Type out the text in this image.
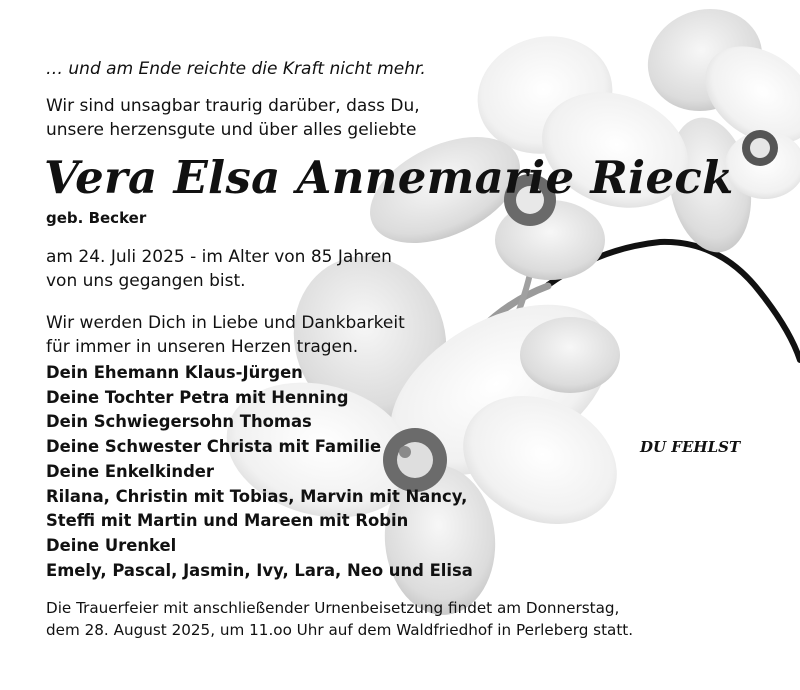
… und am Ende reichte die Kraft nicht mehr.

Wir sind unsagbar traurig darüber, dass Du,
unsere herzensgute und über alles geliebte
Vera Elsa Annemarie Rieck

geb. Becker

am 24. Juli 2025 - im Alter von 85 Jahren
von uns gegangen bist.
Wir werden Dich in Liebe und Dankbarkeit
für immer in unseren Herzen tragen.
Dein Ehemann Klaus-Jürgen
Deine Tochter Petra mit Henning
Dein Schwiegersohn Thomas
Deine Schwester Christa mit Familie
Deine Enkelkinder
Rilana, Christin mit Tobias, Marvin mit Nancy,
Steffi mit Martin und Mareen mit Robin
Deine Urenkel
Emely, Pascal, Jasmin, Ivy, Lara, Neo und Elisa

DU FEHLST

Die Trauerfeier mit anschließender Urnenbeisetzung findet am Donnerstag,
dem 28. August 2025, um 11.oo Uhr auf dem Waldfriedhof in Perleberg statt.
